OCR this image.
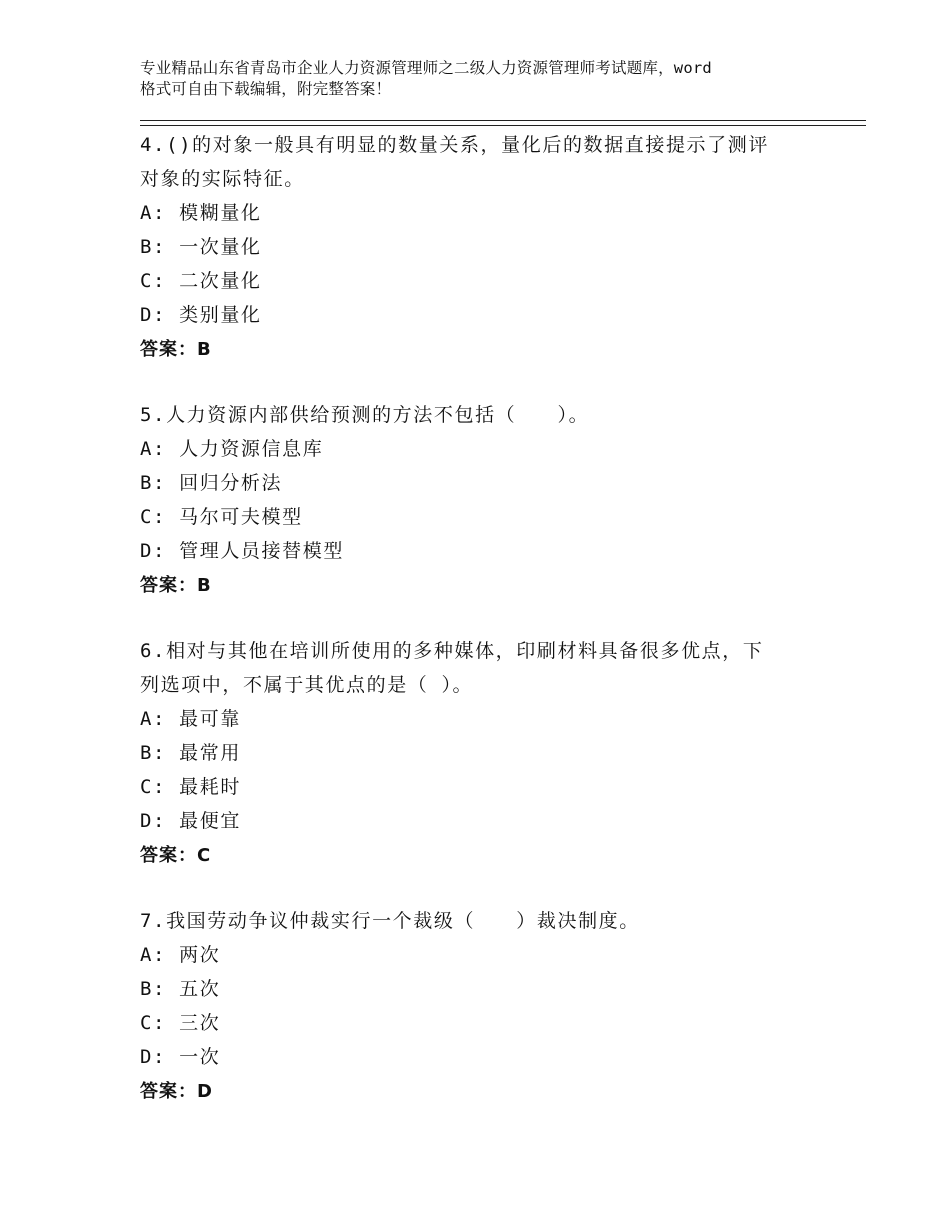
专业精品山东省青岛市企业人力资源管理师之二级人力资源管理师考试题库，word
格式可自由下载编辑，附完整答案！
4.()的对象一般具有明显的数量关系，量化后的数据直接提示了测评
对象的实际特征。
A: 模糊量化
B: 一次量化
C: 二次量化
D: 类别量化
答案：B
5.人力资源内部供给预测的方法不包括（　　）。
A: 人力资源信息库
B: 回归分析法
C: 马尔可夫模型
D: 管理人员接替模型
答案：B
6.相对与其他在培训所使用的多种媒体，印刷材料具备很多优点，下
列选项中，不属于其优点的是（ ）。
A: 最可靠
B: 最常用
C: 最耗时
D: 最便宜
答案：C
7.我国劳动争议仲裁实行一个裁级（　　）裁决制度。
A: 两次
B: 五次
C: 三次
D: 一次
答案：D
